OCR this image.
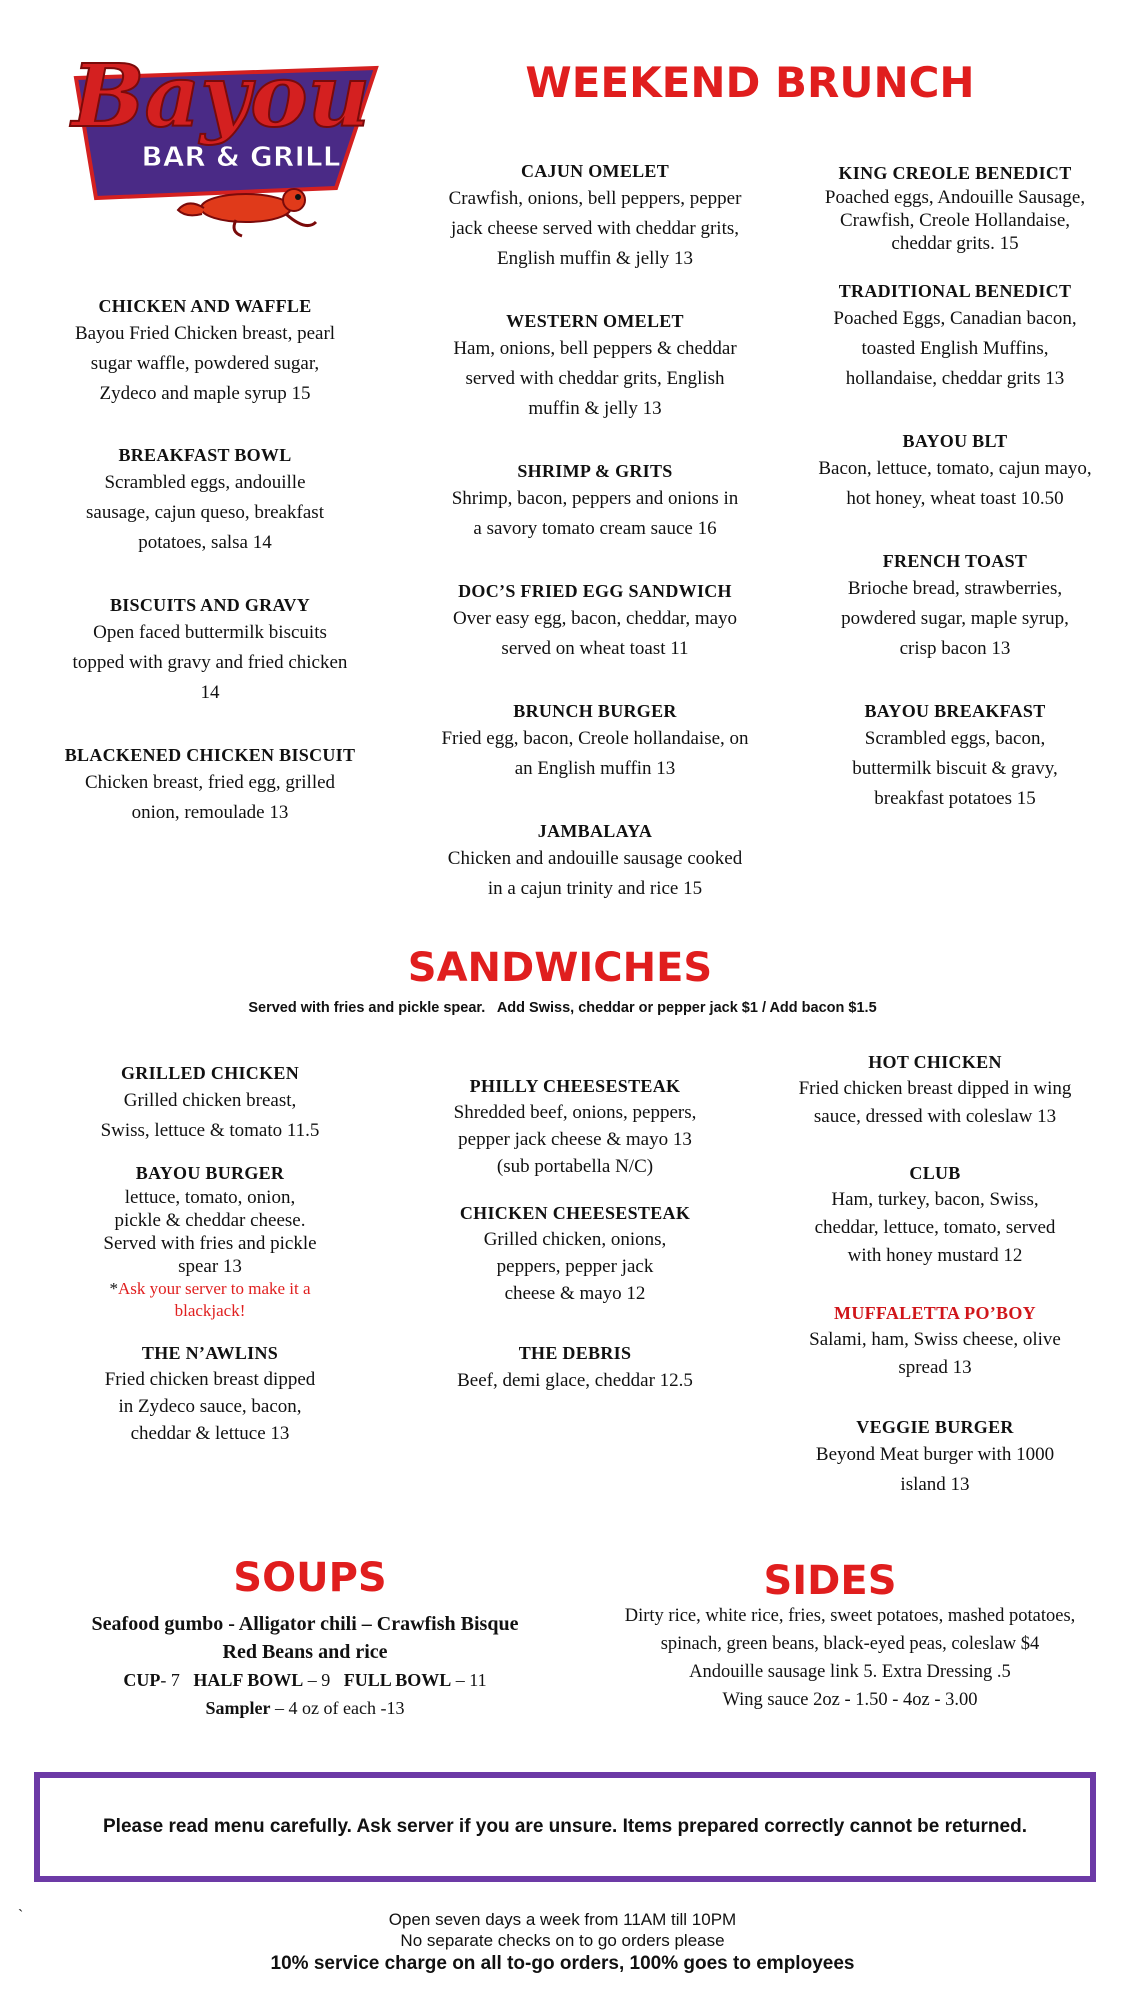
Bayou
BAR & GRILL
WEEKEND BRUNCH
CHICKEN AND WAFFLE
Bayou Fried Chicken breast, pearl
sugar waffle, powdered sugar,
Zydeco and maple syrup 15
BREAKFAST BOWL
Scrambled eggs, andouille
sausage, cajun queso, breakfast
potatoes, salsa 14
BISCUITS AND GRAVY
Open faced buttermilk biscuits
topped with gravy and fried chicken
14
BLACKENED CHICKEN BISCUIT
Chicken breast, fried egg, grilled
onion, remoulade 13
CAJUN OMELET
Crawfish, onions, bell peppers, pepper
jack cheese served with cheddar grits,
English muffin & jelly 13
WESTERN OMELET
Ham, onions, bell peppers & cheddar
served with cheddar grits, English
muffin & jelly 13
SHRIMP & GRITS
Shrimp, bacon, peppers and onions in
a savory tomato cream sauce 16
DOC’S FRIED EGG SANDWICH
Over easy egg, bacon, cheddar, mayo
served on wheat toast 11
BRUNCH BURGER
Fried egg, bacon, Creole hollandaise, on
an English muffin 13
JAMBALAYA
Chicken and andouille sausage cooked
in a cajun trinity and rice 15
KING CREOLE BENEDICT
Poached eggs, Andouille Sausage,
Crawfish, Creole Hollandaise,
cheddar grits. 15
TRADITIONAL BENEDICT
Poached Eggs, Canadian bacon,
toasted English Muffins,
hollandaise, cheddar grits 13
BAYOU BLT
Bacon, lettuce, tomato, cajun mayo,
hot honey, wheat toast 10.50
FRENCH TOAST
Brioche bread, strawberries,
powdered sugar, maple syrup,
crisp bacon 13
BAYOU BREAKFAST
Scrambled eggs, bacon,
buttermilk biscuit & gravy,
breakfast potatoes 15
SANDWICHES
Served with fries and pickle spear.   Add Swiss, cheddar or pepper jack $1 / Add bacon $1.5
GRILLED CHICKEN
Grilled chicken breast,
Swiss, lettuce & tomato 11.5
BAYOU BURGER
lettuce, tomato, onion,
pickle & cheddar cheese.
Served with fries and pickle
spear 13
*Ask your server to make it a
blackjack!
THE N’AWLINS
Fried chicken breast dipped
in Zydeco sauce, bacon,
cheddar & lettuce 13
PHILLY CHEESESTEAK
Shredded beef, onions, peppers,
pepper jack cheese & mayo 13
(sub portabella N/C)
CHICKEN CHEESESTEAK
Grilled chicken, onions,
peppers, pepper jack
cheese & mayo 12
THE DEBRIS
Beef, demi glace, cheddar 12.5
HOT CHICKEN
Fried chicken breast dipped in wing
sauce, dressed with coleslaw 13
CLUB
Ham, turkey, bacon, Swiss,
cheddar, lettuce, tomato, served
with honey mustard 12
MUFFALETTA PO’BOY
Salami, ham, Swiss cheese, olive
spread 13
VEGGIE BURGER
Beyond Meat burger with 1000
island 13
SOUPS
Seafood gumbo - Alligator chili – Crawfish Bisque
Red Beans and rice
CUP- 7 HALF BOWL – 9 FULL BOWL – 11
Sampler – 4 oz of each -13
SIDES
Dirty rice, white rice, fries, sweet potatoes, mashed potatoes,
spinach, green beans, black-eyed peas, coleslaw $4
Andouille sausage link 5. Extra Dressing .5
Wing sauce 2oz - 1.50 - 4oz - 3.00
Please read menu carefully. Ask server if you are unsure. Items prepared correctly cannot be returned.
`	Open seven days a week from 11AM till 10PM
No separate checks on to go orders please
10% service charge on all to-go orders, 100% goes to employees
